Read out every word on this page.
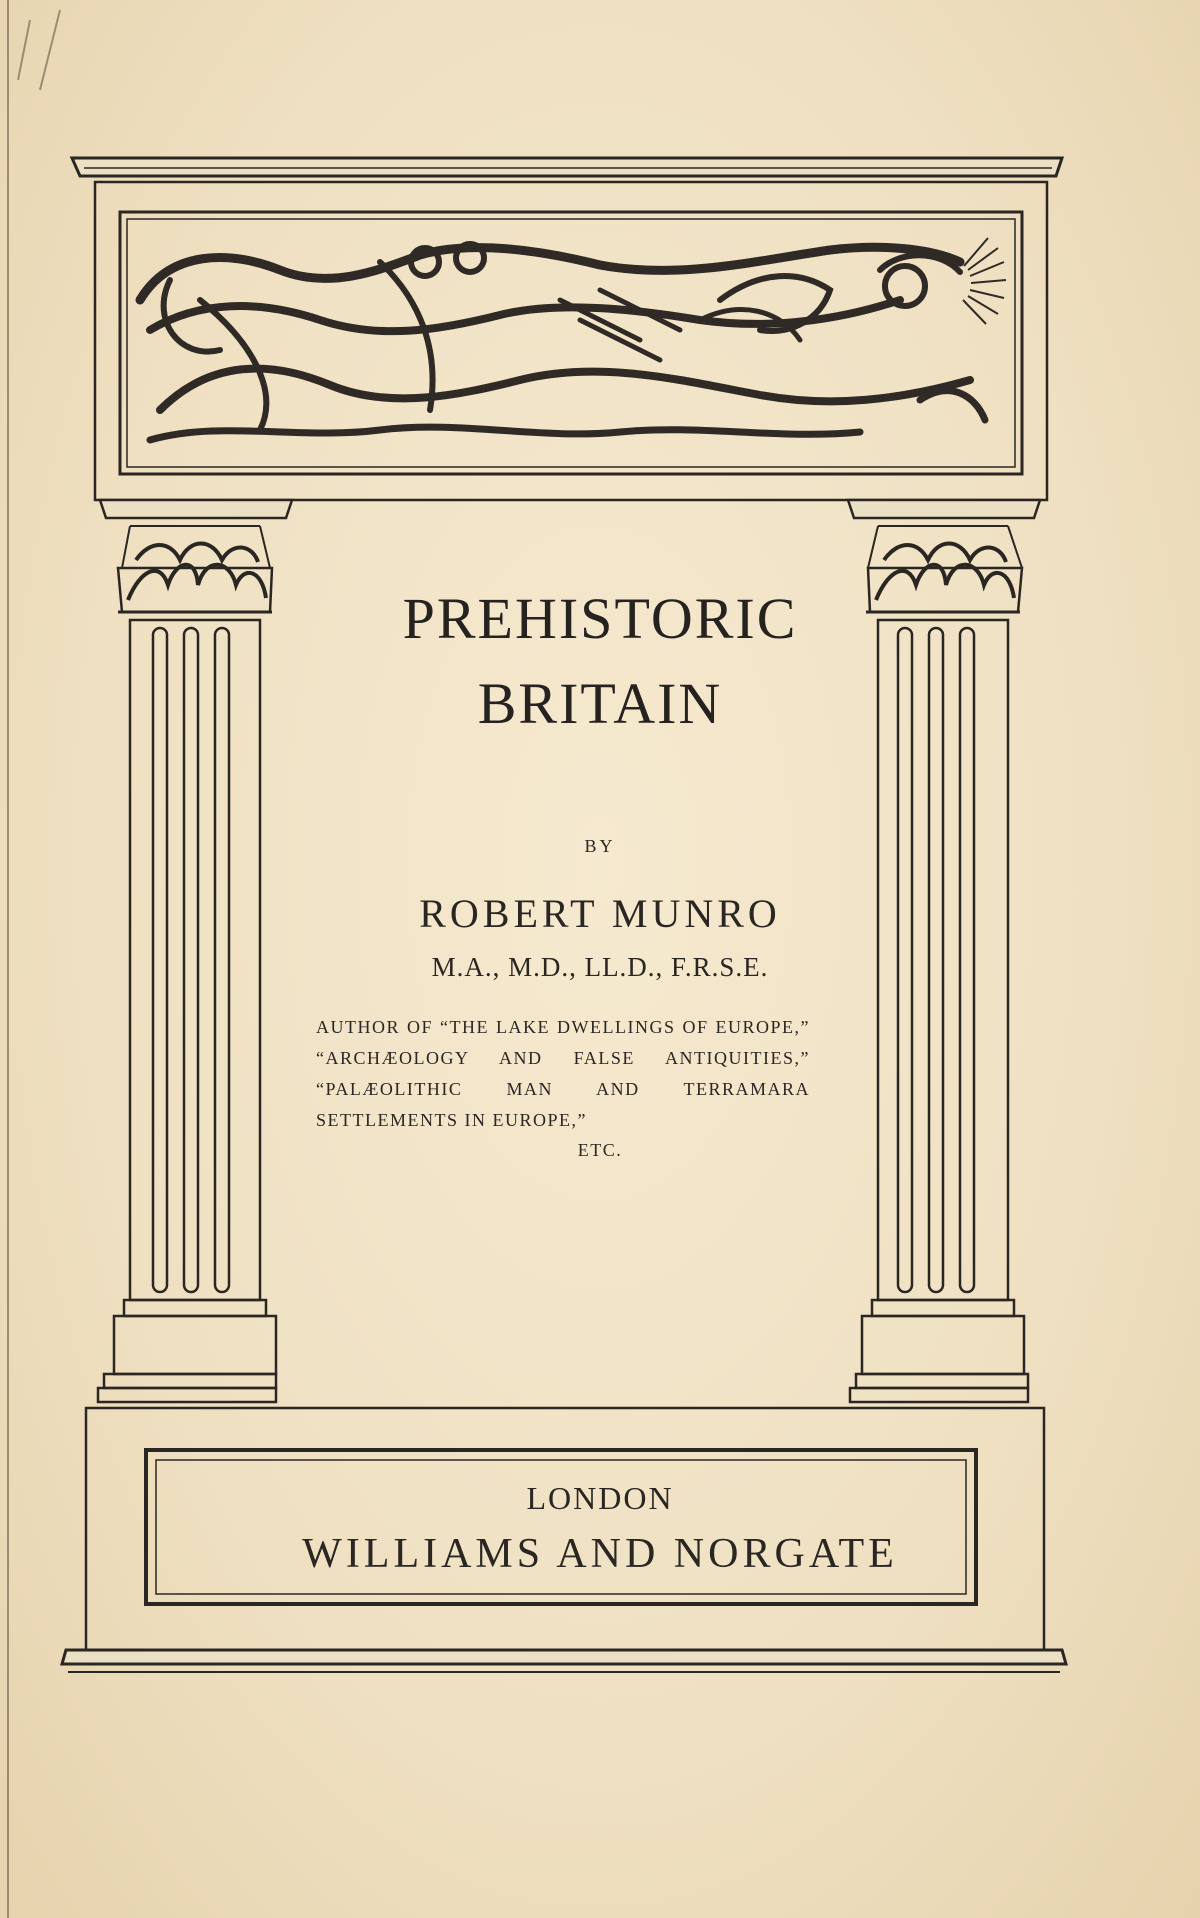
PREHISTORIC
BRITAIN
BY
ROBERT MUNRO
M.A., M.D., LL.D., F.R.S.E.
AUTHOR OF “THE LAKE DWELLINGS OF EUROPE,” “ARCHÆOLOGY AND FALSE ANTIQUITIES,” “PALÆOLITHIC MAN AND TERRAMARA SETTLEMENTS IN EUROPE,”
ETC.
LONDON
WILLIAMS AND NORGATE
